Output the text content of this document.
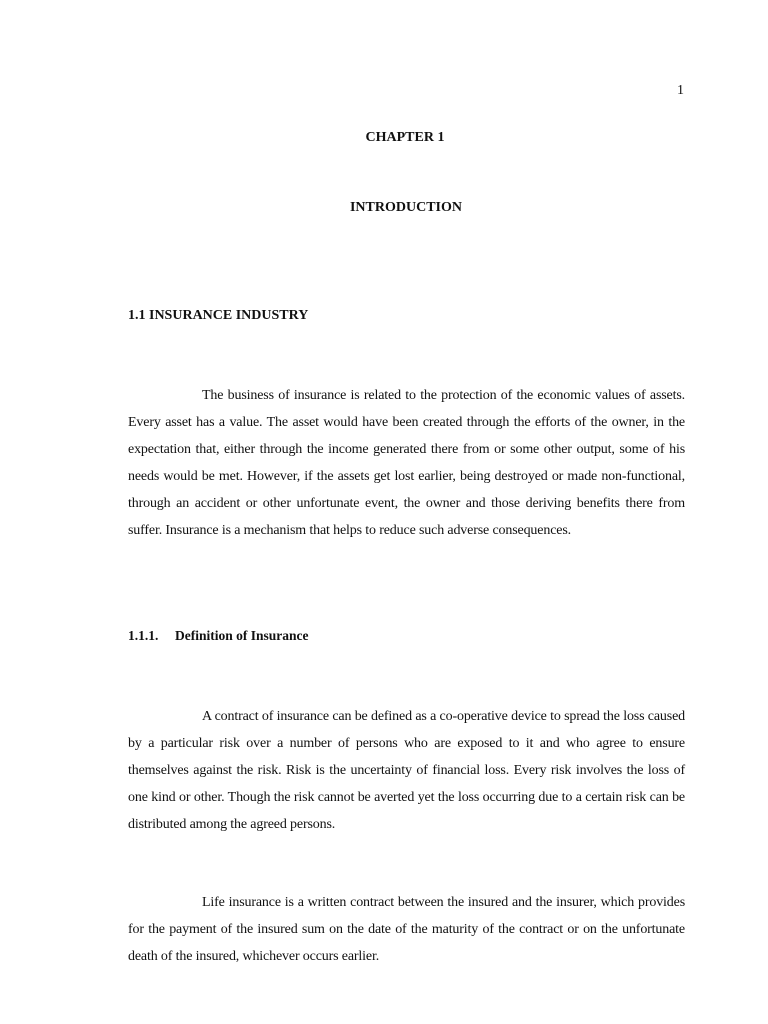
1
CHAPTER 1
INTRODUCTION
1.1 INSURANCE INDUSTRY

The business of insurance is related to the protection of the economic values of assets. Every asset has a value. The asset would have been created through the efforts of the owner, in the expectation that, either through the income generated there from or some other output, some of his needs would be met. However, if the assets get lost earlier, being destroyed or made non-functional, through an accident or other unfortunate event, the owner and those deriving benefits there from suffer. Insurance is a mechanism that helps to reduce such adverse consequences.

1.1.1. Definition of Insurance

A contract of insurance can be defined as a co-operative device to spread the loss caused by a particular risk over a number of persons who are exposed to it and who agree to ensure themselves against the risk. Risk is the uncertainty of financial loss. Every risk involves the loss of one kind or other. Though the risk cannot be averted yet the loss occurring due to a certain risk can be distributed among the agreed persons.

Life insurance is a written contract between the insured and the insurer, which provides for the payment of the insured sum on the date of the maturity of the contract or on the unfortunate death of the insured, whichever occurs earlier.
